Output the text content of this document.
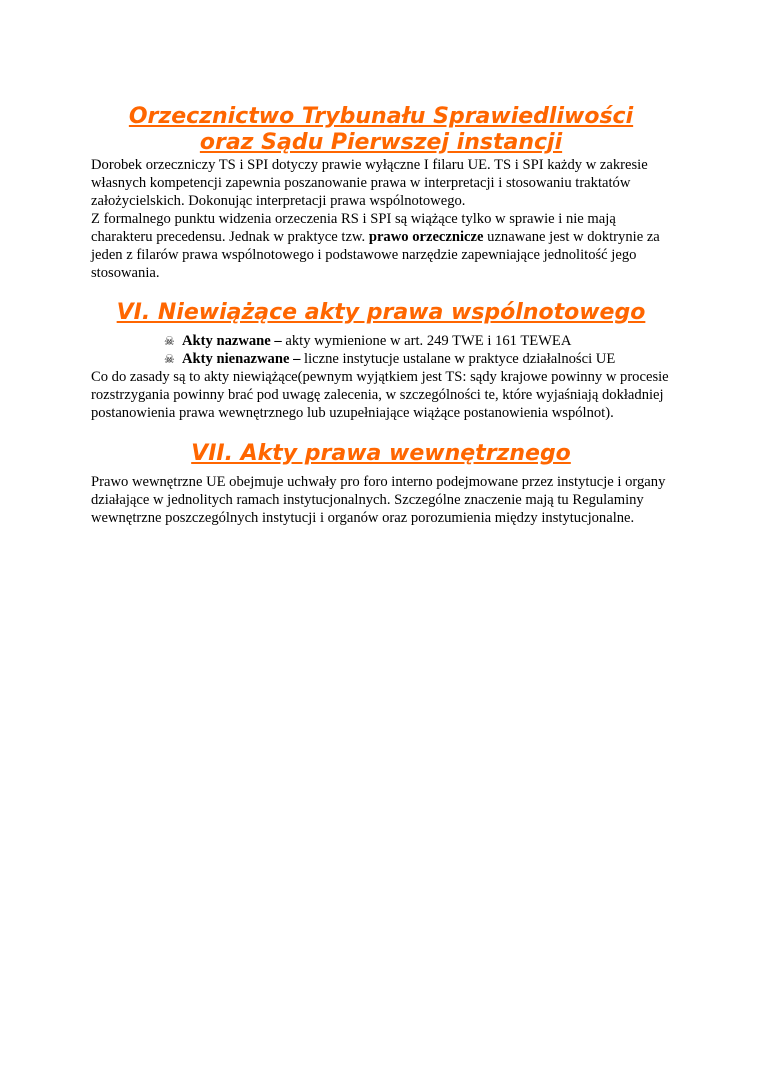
Orzecznictwo Trybunału Sprawiedliwości
oraz Sądu Pierwszej instancji

Dorobek orzeczniczy TS i SPI dotyczy prawie wyłączne I filaru UE. TS i SPI każdy w zakresie własnych kompetencji zapewnia poszanowanie prawa w interpretacji i stosowaniu traktatów założycielskich. Dokonując interpretacji prawa wspólnotowego.

Z formalnego punktu widzenia orzeczenia RS i SPI są wiążące tylko w sprawie i nie mają charakteru precedensu. Jednak w praktyce tzw. prawo orzecznicze uznawane jest w doktrynie za jeden z filarów prawa wspólnotowego i podstawowe narzędzie zapewniające jednolitość jego stosowania.

VI. Niewiążące akty prawa wspólnotowego
☠ Akty nazwane – akty wymienione w art. 249 TWE i 161 TEWEA
☠ Akty nienazwane – liczne instytucje ustalane w praktyce działalności UE

Co do zasady są to akty niewiążące(pewnym wyjątkiem jest TS: sądy krajowe powinny w procesie rozstrzygania powinny brać pod uwagę zalecenia, w szczególności te, które wyjaśniają dokładniej postanowienia prawa wewnętrznego lub uzupełniające wiążące postanowienia wspólnot).

VII. Akty prawa wewnętrznego

Prawo wewnętrzne UE obejmuje uchwały pro foro interno podejmowane przez instytucje i organy działające w jednolitych ramach instytucjonalnych. Szczególne znaczenie mają tu Regulaminy wewnętrzne poszczególnych instytucji i organów oraz porozumienia między instytucjonalne.
